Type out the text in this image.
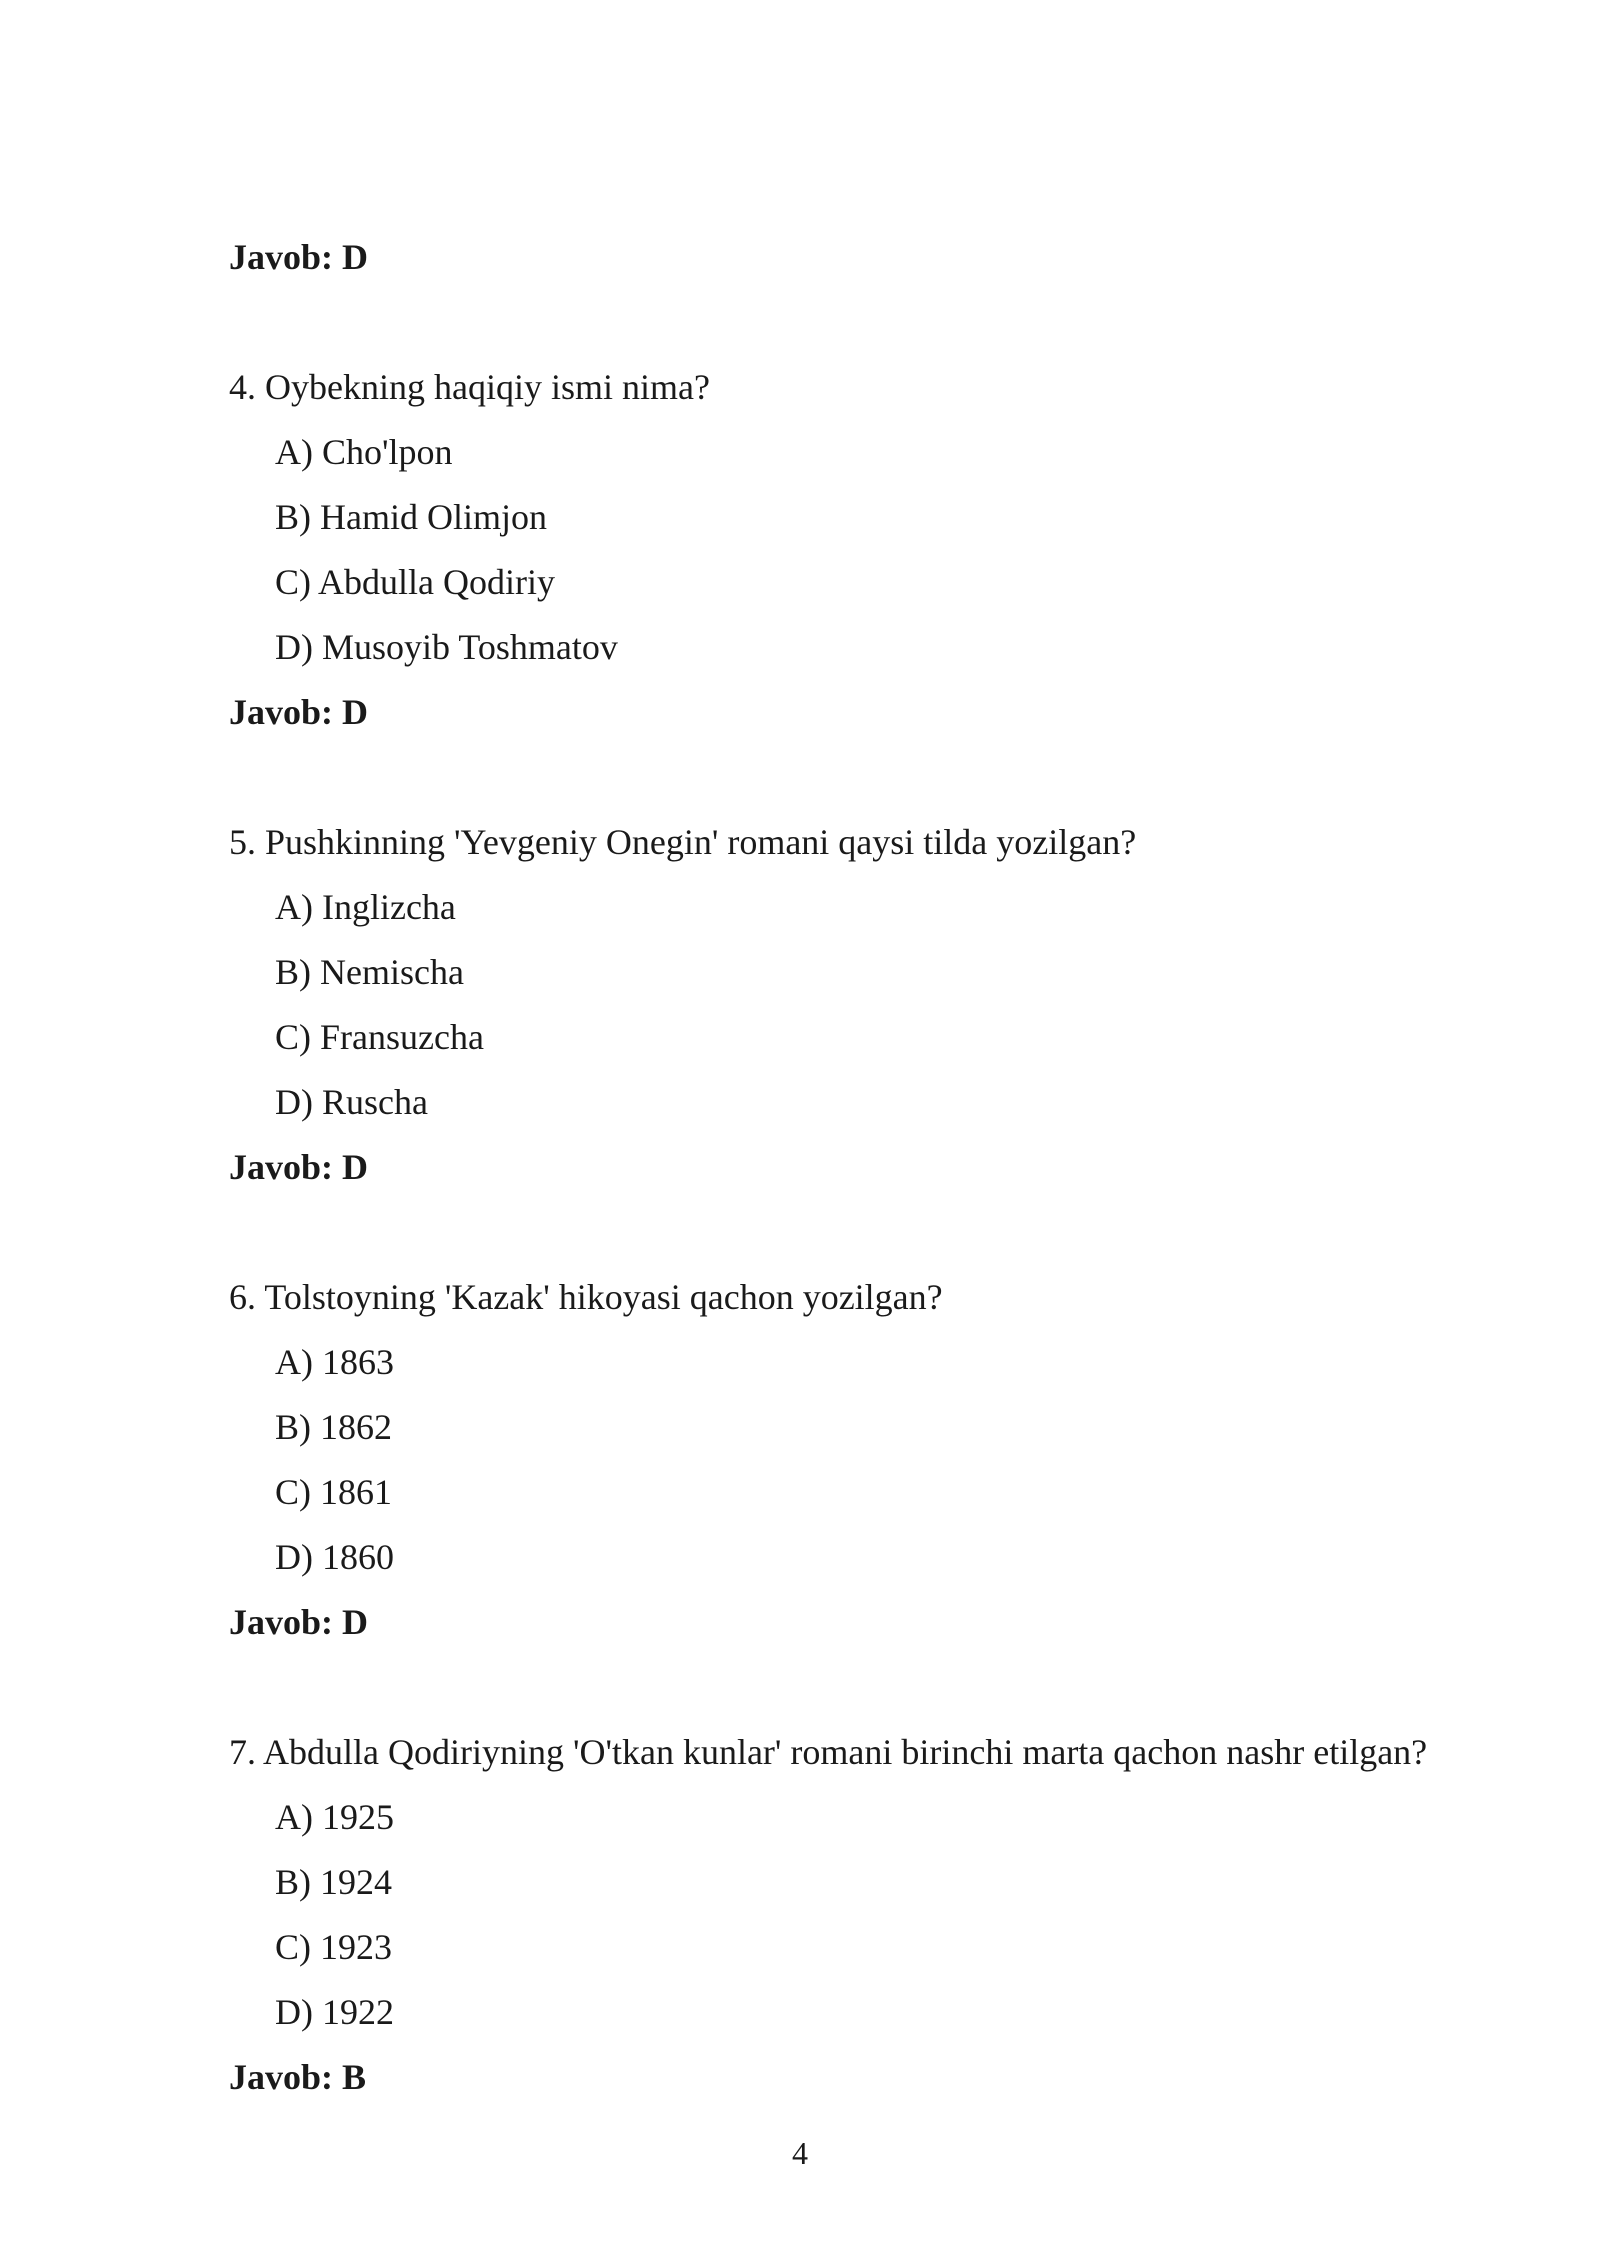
Javob: D
4. Oybekning haqiqiy ismi nima?
A) Cho'lpon
B) Hamid Olimjon
C) Abdulla Qodiriy
D) Musoyib Toshmatov
Javob: D
5. Pushkinning 'Yevgeniy Onegin' romani qaysi tilda yozilgan?
A) Inglizcha
B) Nemischa
C) Fransuzcha
D) Ruscha
Javob: D
6. Tolstoyning 'Kazak' hikoyasi qachon yozilgan?
A) 1863
B) 1862
C) 1861
D) 1860
Javob: D
7. Abdulla Qodiriyning 'O'tkan kunlar' romani birinchi marta qachon nashr etilgan?
A) 1925
B) 1924
C) 1923
D) 1922
Javob: B
4
